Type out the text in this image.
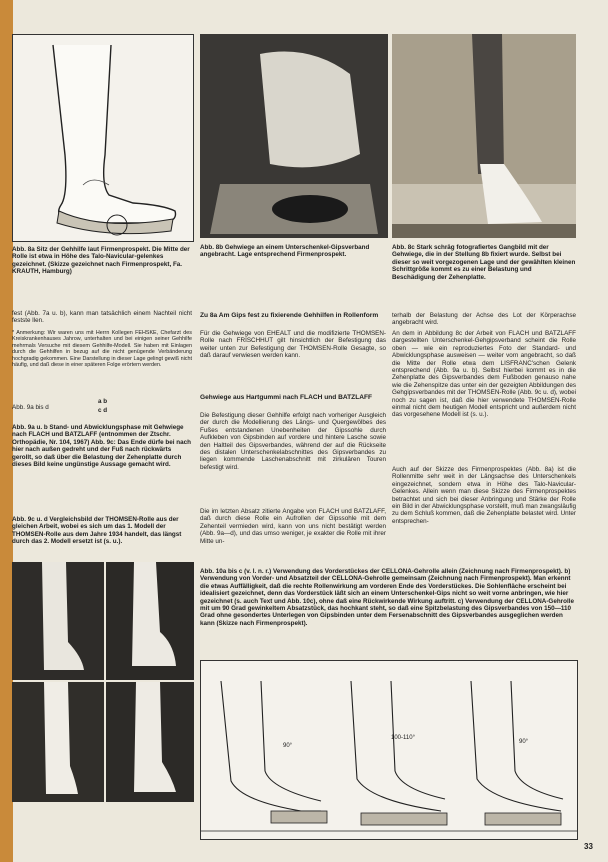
Abb. 8a Sitz der Gehhilfe laut Firmenprospekt. Die Mitte der Rolle ist etwa in Höhe des Talo-Navicular-gelenkes gezeichnet. (Skizze gezeichnet nach Firmenprospekt, Fa. KRAUTH, Hamburg)
Abb. 8b Gehwiege an einem Unterschenkel-Gipsverband angebracht. Lage entsprechend Firmenprospekt.
Abb. 8c Stark schräg fotografiertes Gangbild mit der Gehwiege, die in der Stellung 8b fixiert wurde. Selbst bei dieser so weit vorgezogenen Lage und der gewählten kleinen Schrittgröße kommt es zu einer Belastung und Beschädigung der Zehenplatte.
fest (Abb. 7a u. b), kann man tatsächlich einem Nachteil nicht festste llen.
* Anmerkung: Wir waren uns mit Herrn Kollegen FEHSKE, Chefarzt des Kreiskrankenhauses Jahrow, unterhalten und bei einigen seiner Gehhilfe mehrmals Versuche mit diesem Gehhilfe-Modell. Sie haben mit Einlagen durch die Gehhilfen in bezug auf die nicht genügende Verbänderung hochgradig gekommen. Eine Darstellung in dieser Lage gelingt gewiß nicht häufig, und daß diese in einer späteren Folge erörtern werden.
Abb. 9a bis d
a b
c d
Abb. 9a u. b Stand- und Abwicklungsphase mit Gehwiege nach FLACH und BATZLAFF (entnommen der Ztschr. Orthopädie, Nr. 104, 1967) Abb. 9c: Das Ende dürfe bei nach hier nach außen gedreht und der Fuß nach rückwärts gerollt, so daß über die Belastung der Zehenplatte durch dieses Bild keine ungünstige Aussage gemacht wird.
Abb. 9c u. d Vergleichsbild der THOMSEN-Rolle aus der gleichen Arbeit, wobei es sich um das 1. Modell der THOMSEN-Rolle aus dem Jahre 1934 handelt, das längst durch das 2. Modell ersetzt ist (s. u.).
Zu 8a Am Gips fest zu fixierende Gehhilfen in Rollenform
Für die Gehwiege von EHEALT und die modifizierte THOMSEN-Rolle nach FRISCHHUT gilt hinsichtlich der Befestigung das weiter unten zur Befestigung der THOMSEN-Rolle Gesagte, so daß darauf verwiesen werden kann.
Gehwiege aus Hartgummi nach FLACH und BATZLAFF
Die Befestigung dieser Gehhilfe erfolgt nach vorheriger Ausgleich der durch die Modellierung des Längs- und Quergewölbes des Fußes entstandenen Unebenheiten der Gipssohle durch Aufkleben von Gipsbinden auf vordere und hintere Lasche sowie den Haltteil des Gipsverbandes, während der auf die Rückseite des distalen Unterschenkelabschnittes des Gipsverbandes zu liegen kommende Laschenabschnitt mit zirkulären Touren befestigt wird.
Die im letzten Absatz zitierte Angabe von FLACH und BATZLAFF, daß durch diese Rolle ein Aufrollen der Gipssohle mit dem Zehenteil vermieden wird, kann von uns nicht bestätigt werden (Abb. 9a—d), und das umso weniger, je exakter die Rolle mit ihrer Mitte un-
terhalb der Belastung der Achse des Lot der Körperachse angebracht wird.
An dem in Abbildung 8c der Arbeit von FLACH und BATZLAFF dargestellten Unterschenkel-Gehgipsverband scheint die Rolle oben — wie ein reproduziertes Foto der Standard- und Abwicklungsphase ausweisen — weiter vorn angebracht, so daß die Mitte der Rolle etwa dem LISFRANC'schen Gelenk entsprechend (Abb. 9a u. b). Selbst hierbei kommt es in die Zehenplatte des Gipsverbandes dem Fußboden genauso nahe wie die Zehenspitze das unter ein der gezeigten Abbildungen des Gehgipsverbandes mit der THOMSEN-Rolle (Abb. 9c u. d), wobei noch zu sagen ist, daß die hier verwendete THOMSEN-Rolle einmal nicht dem heutigen Modell entspricht und außerdem nicht das vorgesehene Modell ist (s. u.).
Auch auf der Skizze des Firmenprospektes (Abb. 8a) ist die Rollenmitte sehr weit in der Längsachse des Unterschenkels eingezeichnet, sondern etwa in Höhe des Talo-Navicular-Gelenkes. Allein wenn man diese Skizze des Firmenprospektes betrachtet und sich bei dieser Anbringung und Stärke der Rolle ein Bild in der Abwicklungsphase vorstellt, muß man zwangsläufig zu dem Schluß kommen, daß die Zehenplatte belastet wird. Unter entsprechen-
Abb. 10a bis c (v. l. n. r.) Verwendung des Vorderstückes der CELLONA-Gehrolle allein (Zeichnung nach Firmenprospekt). b) Verwendung von Vorder- und Absatzteil der CELLONA-Gehrolle gemeinsam (Zeichnung nach Firmenprospekt). Man erkennt die etwas Auffälligkeit, daß die rechte Rollenwirkung am vorderen Ende des Vorderstückes. Die Sohlenfläche erscheint bei idealisiert gezeichnet, denn das Vorderstück läßt sich an einem Unterschenkel-Gips nicht so weit vorne anbringen, wie hier gezeichnet (s. auch Text und Abb. 10c), ohne daß eine Rückwirkende Wirkung auftritt. c) Verwendung der CELLONA-Gehrolle mit um 90 Grad gewinkeltem Absatzstück, das hochkant steht, so daß eine Spitzbelastung des Gipsverbandes von 150—110 Grad ohne gesondertes Unterlegen von Gipsbinden unter dem Fersenabschnitt des Gipsverbandes ausgeglichen werden kann (Skizze nach Firmenprospekt).
90°
100-110°
90°
33
